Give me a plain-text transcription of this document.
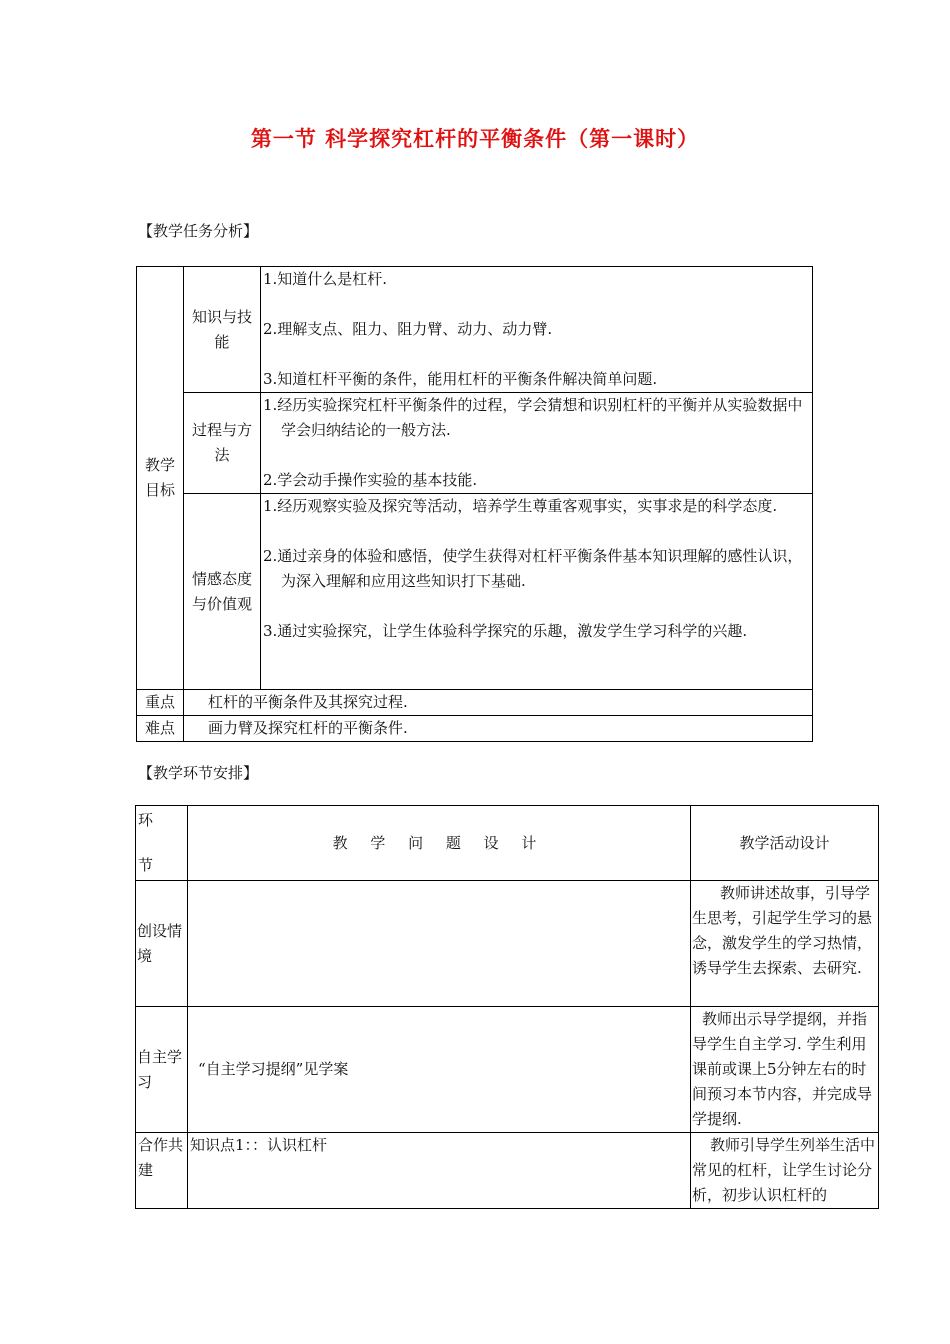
第一节 科学探究杠杆的平衡条件（第一课时）
【教学任务分析】
教学目标	知识与技能	1.知道什么是杠杆.
2.理解支点、阻力、阻力臂、动力、动力臂.
3.知道杠杆平衡的条件，能用杠杆的平衡条件解决简单问题.

	过程与方法	1.经历实验探究杠杆平衡条件的过程，学会猜想和识别杠杆的平衡并从实验数据中学会归纳结论的一般方法.
2.学会动手操作实验的基本技能.

	情感态度与价值观	1.经历观察实验及探究等活动，培养学生尊重客观事实，实事求是的科学态度.
2.通过亲身的体验和感悟，使学生获得对杠杆平衡条件基本知识理解的感性认识，为深入理解和应用这些知识打下基础.
3.通过实验探究，让学生体验科学探究的乐趣，激发学生学习科学的兴趣.

重点	杠杆的平衡条件及其探究过程.	
难点	画力臂及探究杠杆的平衡条件.	
【教学环节安排】
环
节	教 学 问 题 设 计	教学活动设计
创设情境		教师讲述故事，引导学生思考，引起学生学习的悬念，激发学生的学习热情，诱导学生去探索、去研究.
自主学习	“自主学习提纲”见学案	教师出示导学提纲，并指导学生自主学习. 学生利用课前或课上5分钟左右的时间预习本节内容，并完成导学提纲.
合作共建	知识点1：：认识杠杆	教师引导学生列举生活中常见的杠杆，让学生讨论分析，初步认识杠杆的
